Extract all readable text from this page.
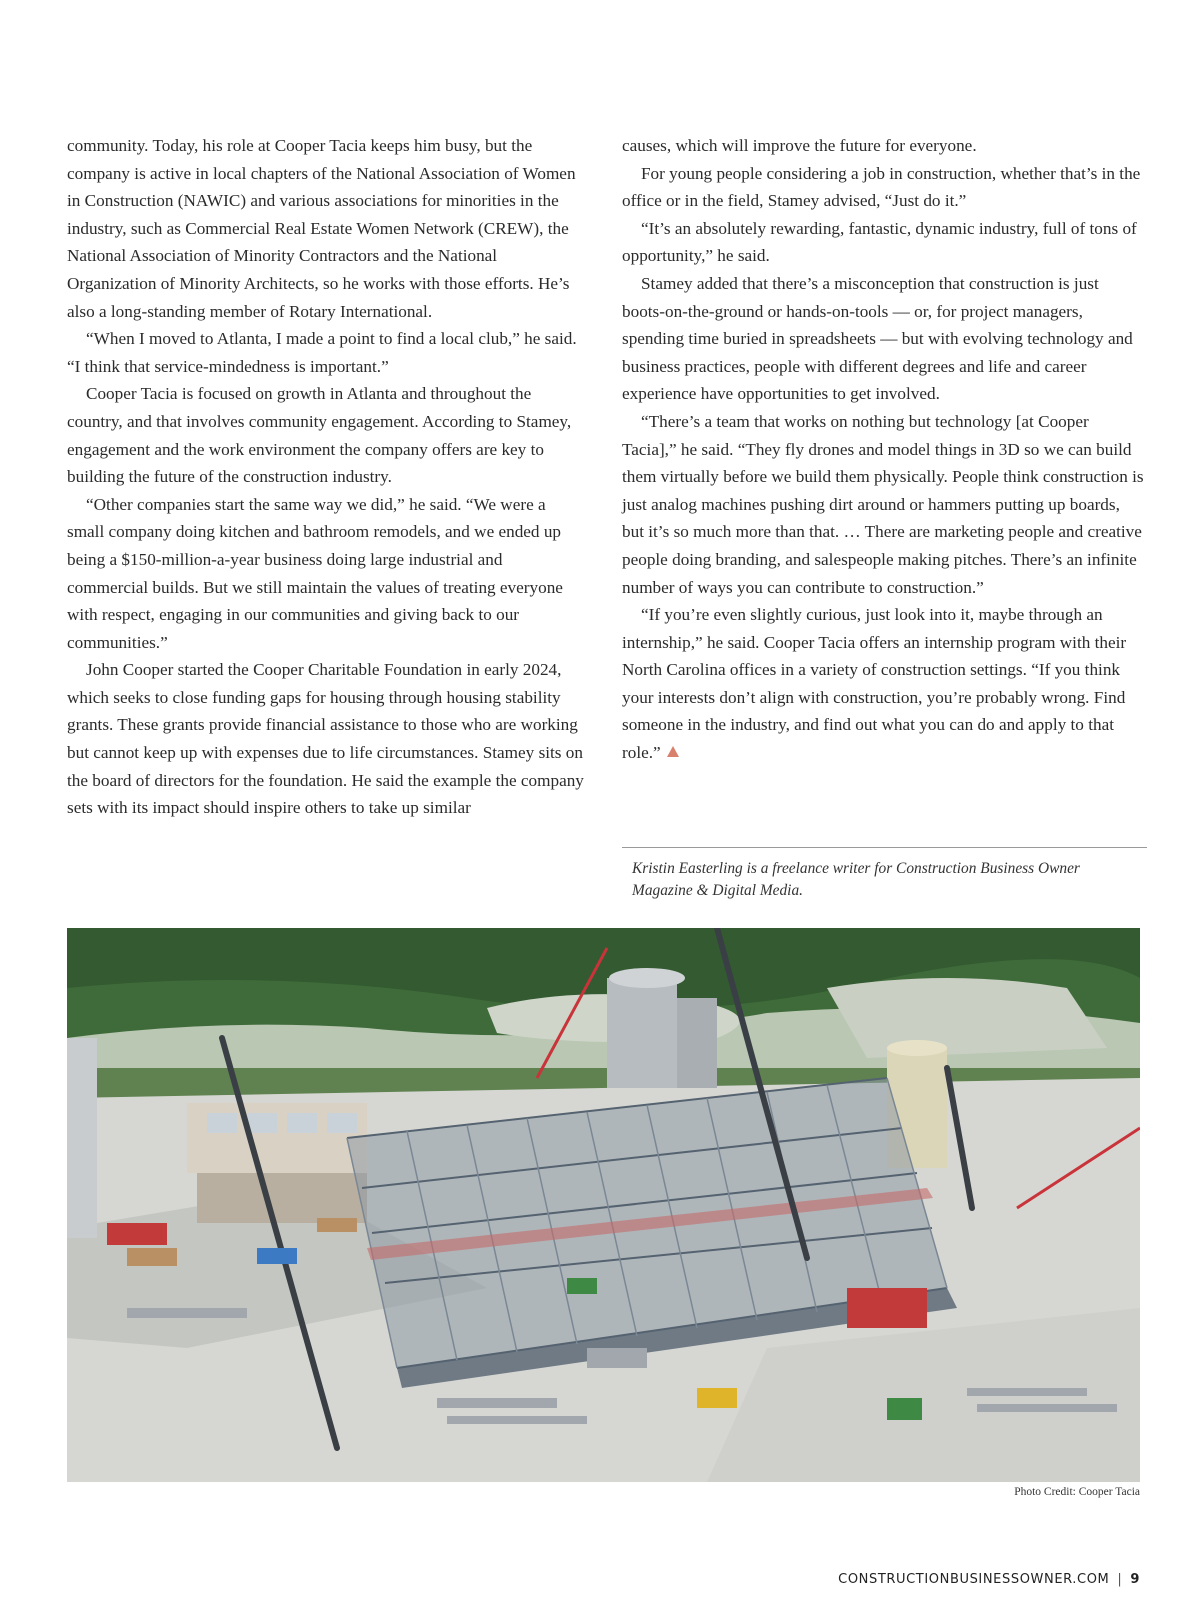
community. Today, his role at Cooper Tacia keeps him busy, but the company is active in local chapters of the National Association of Women in Construction (NAWIC) and various associations for minorities in the industry, such as Commercial Real Estate Women Network (CREW), the National Association of Minority Contractors and the National Organization of Minority Architects, so he works with those efforts. He’s also a long-standing member of Rotary International.

“When I moved to Atlanta, I made a point to find a local club,” he said. “I think that service-mindedness is important.”

Cooper Tacia is focused on growth in Atlanta and throughout the country, and that involves community engagement. According to Stamey, engagement and the work environment the company offers are key to building the future of the construction industry.

“Other companies start the same way we did,” he said. “We were a small company doing kitchen and bathroom remodels, and we ended up being a $150-million-a-year business doing large industrial and commercial builds. But we still maintain the values of treating everyone with respect, engaging in our communities and giving back to our communities.”

John Cooper started the Cooper Charitable Foundation in early 2024, which seeks to close funding gaps for housing through housing stability grants. These grants provide financial assistance to those who are working but cannot keep up with expenses due to life circumstances. Stamey sits on the board of directors for the foundation. He said the example the company sets with its impact should inspire others to take up similar

causes, which will improve the future for everyone.

For young people considering a job in construction, whether that’s in the office or in the field, Stamey advised, “Just do it.”

“It’s an absolutely rewarding, fantastic, dynamic industry, full of tons of opportunity,” he said.

Stamey added that there’s a misconception that construction is just boots-on-the-ground or hands-on-tools — or, for project managers, spending time buried in spreadsheets — but with evolving technology and business practices, people with different degrees and life and career experience have opportunities to get involved.

“There’s a team that works on nothing but technology [at Cooper Tacia],” he said. “They fly drones and model things in 3D so we can build them virtually before we build them physically. People think construction is just analog machines pushing dirt around or hammers putting up boards, but it’s so much more than that. … There are marketing people and creative people doing branding, and salespeople making pitches. There’s an infinite number of ways you can contribute to construction.”

“If you’re even slightly curious, just look into it, maybe through an internship,” he said. Cooper Tacia offers an internship program with their North Carolina offices in a variety of construction settings. “If you think your interests don’t align with construction, you’re probably wrong. Find someone in the industry, and find out what you can do and apply to that role.”

Kristin Easterling is a freelance writer for Construction Business Owner Magazine & Digital Media.
Photo Credit: Cooper Tacia
CONSTRUCTIONBUSINESSOWNER.COM | 9
